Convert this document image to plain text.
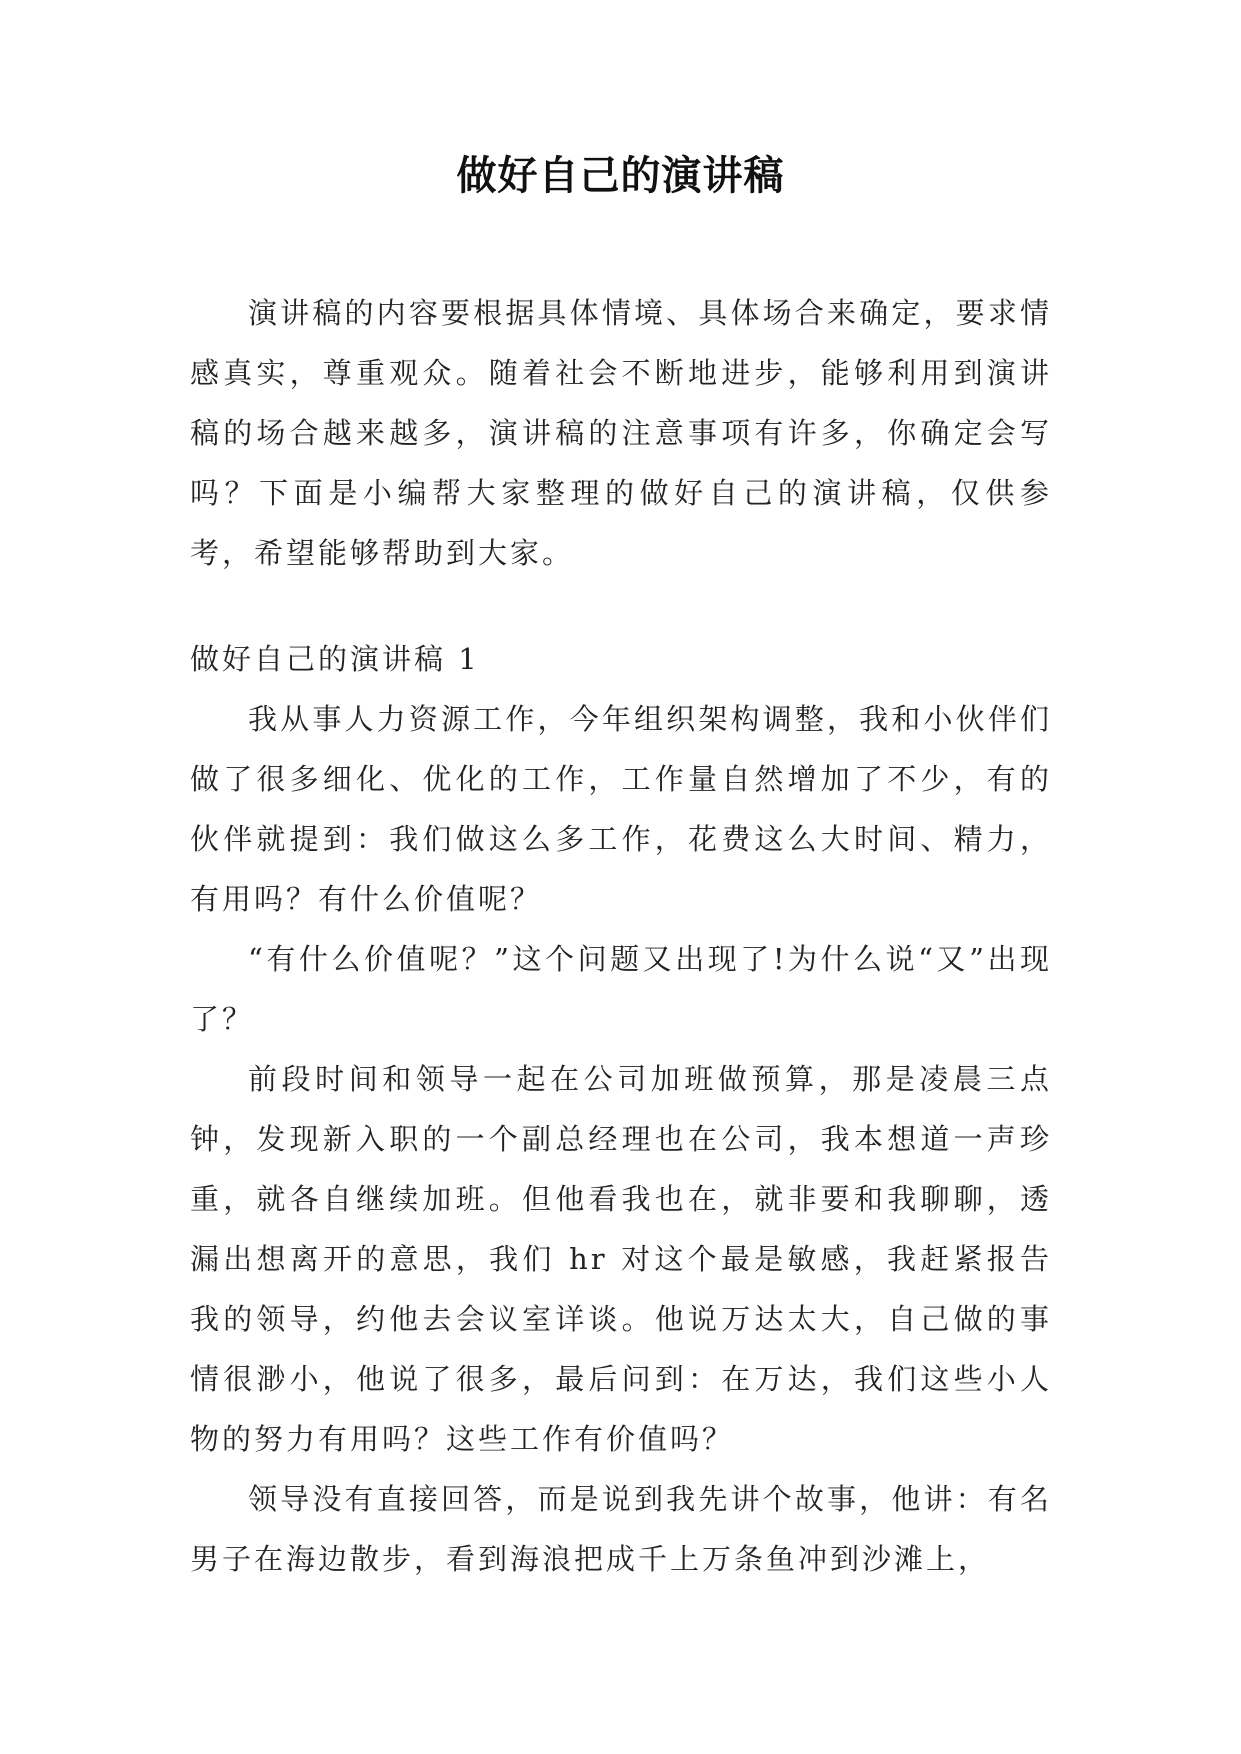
做好自己的演讲稿

演讲稿的内容要根据具体情境、具体场合来确定，要求情感真实，尊重观众。随着社会不断地进步，能够利用到演讲稿的场合越来越多，演讲稿的注意事项有许多，你确定会写吗？下面是小编帮大家整理的做好自己的演讲稿，仅供参考，希望能够帮助到大家。

做好自己的演讲稿 1

我从事人力资源工作，今年组织架构调整，我和小伙伴们做了很多细化、优化的工作，工作量自然增加了不少，有的伙伴就提到：我们做这么多工作，花费这么大时间、精力，有用吗？有什么价值呢？

“有什么价值呢？”这个问题又出现了!为什么说“又”出现了？

前段时间和领导一起在公司加班做预算，那是凌晨三点钟，发现新入职的一个副总经理也在公司，我本想道一声珍重，就各自继续加班。但他看我也在，就非要和我聊聊，透漏出想离开的意思，我们 hr 对这个最是敏感，我赶紧报告我的领导，约他去会议室详谈。他说万达太大，自己做的事情很渺小，他说了很多，最后问到：在万达，我们这些小人物的努力有用吗？这些工作有价值吗？

领导没有直接回答，而是说到我先讲个故事，他讲：有名男子在海边散步，看到海浪把成千上万条鱼冲到沙滩上，
